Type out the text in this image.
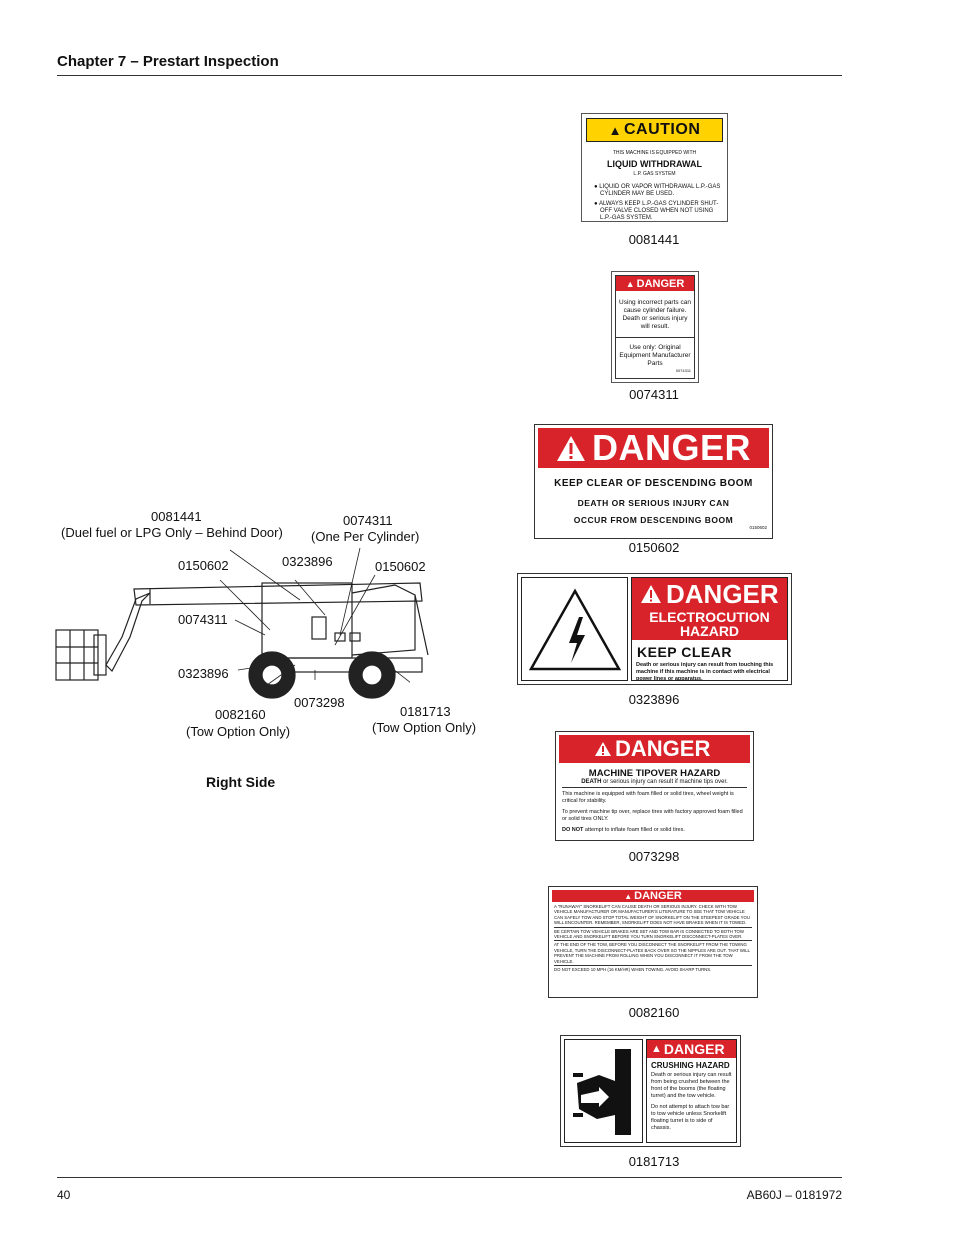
Chapter 7 – Prestart Inspection
0081441
(Duel fuel or LPG Only – Behind Door)
0074311
(One Per Cylinder)
0150602	0323896	0150602
0074311
0323896
0082160
(Tow Option Only)
0073298
0181713
(Tow Option Only)
Right Side
▲ CAUTION
THIS MACHINE IS EQUIPPED WITH
LIQUID WITHDRAWAL
L.P. GAS SYSTEM
● LIQUID OR VAPOR WITHDRAWAL L.P.-GAS CYLINDER MAY BE USED.
● ALWAYS KEEP L.P.-GAS CYLINDER SHUT-OFF VALVE CLOSED WHEN NOT USING L.P.-GAS SYSTEM.
0081441
▲ DANGER
Using incorrect parts can cause cylinder failure. Death or serious injury will result.
Use only: Original Equipment Manufacturer Parts
0074311
0074311
DANGER
KEEP CLEAR OF DESCENDING BOOM
DEATH OR SERIOUS INJURY CAN
OCCUR FROM DESCENDING BOOM
0150602
0150602
DANGER
ELECTROCUTION
HAZARD
KEEP CLEAR
Death or serious injury can result from touching this machine if this machine is in contact with electrical power lines or apparatus.
0323896
DANGER
MACHINE TIPOVER HAZARD
DEATH or serious injury can result if machine tips over.
This machine is equipped with foam filled or solid tires, wheel weight is critical for stability.
To prevent machine tip over, replace tires with factory approved foam filled or solid tires ONLY.
DO NOT attempt to inflate foam filled or solid tires.
0073298
▲ DANGER
A "RUNAWAY" SNORKELIFT CAN CAUSE DEATH OR SERIOUS INJURY. CHECK WITH TOW VEHICLE MANUFACTURER OR MANUFACTURER'S LITERATURE TO SEE THAT TOW VEHICLE CAN SAFELY TOW AND STOP TOTAL WEIGHT OF SNORKELIFT ON THE STEEPEST GRADE YOU WILL ENCOUNTER. REMEMBER, SNORKELIFT DOES NOT HAVE BRAKES WHEN IT IS TOWED.
BE CERTAIN TOW VEHICLE BRAKES ARE SET AND TOW BAR IS CONNECTED TO BOTH TOW VEHICLE AND SNORKELIFT BEFORE YOU TURN SNORKELIFT DISCONNECT-PLATES OVER.
AT THE END OF THE TOW, BEFORE YOU DISCONNECT THE SNORKELIFT FROM THE TOWING VEHICLE, TURN THE DISCONNECT-PLATES BACK OVER SO THE NIPPLES ARE OUT. THAT WILL PREVENT THE MACHINE FROM ROLLING WHEN YOU DISCONNECT IT FROM THE TOW VEHICLE.
DO NOT EXCEED 10 MPH (16 KM/HR) WHEN TOWING. AVOID SHARP TURNS.
0082160
▲ DANGER
CRUSHING HAZARD
Death or serious injury can result from being crushed between the front of the booms (the floating turret) and the tow vehicle.
Do not attempt to attach tow bar to tow vehicle unless Snorkelift floating turret is to side of chassis.
0181713
40	AB60J – 0181972
